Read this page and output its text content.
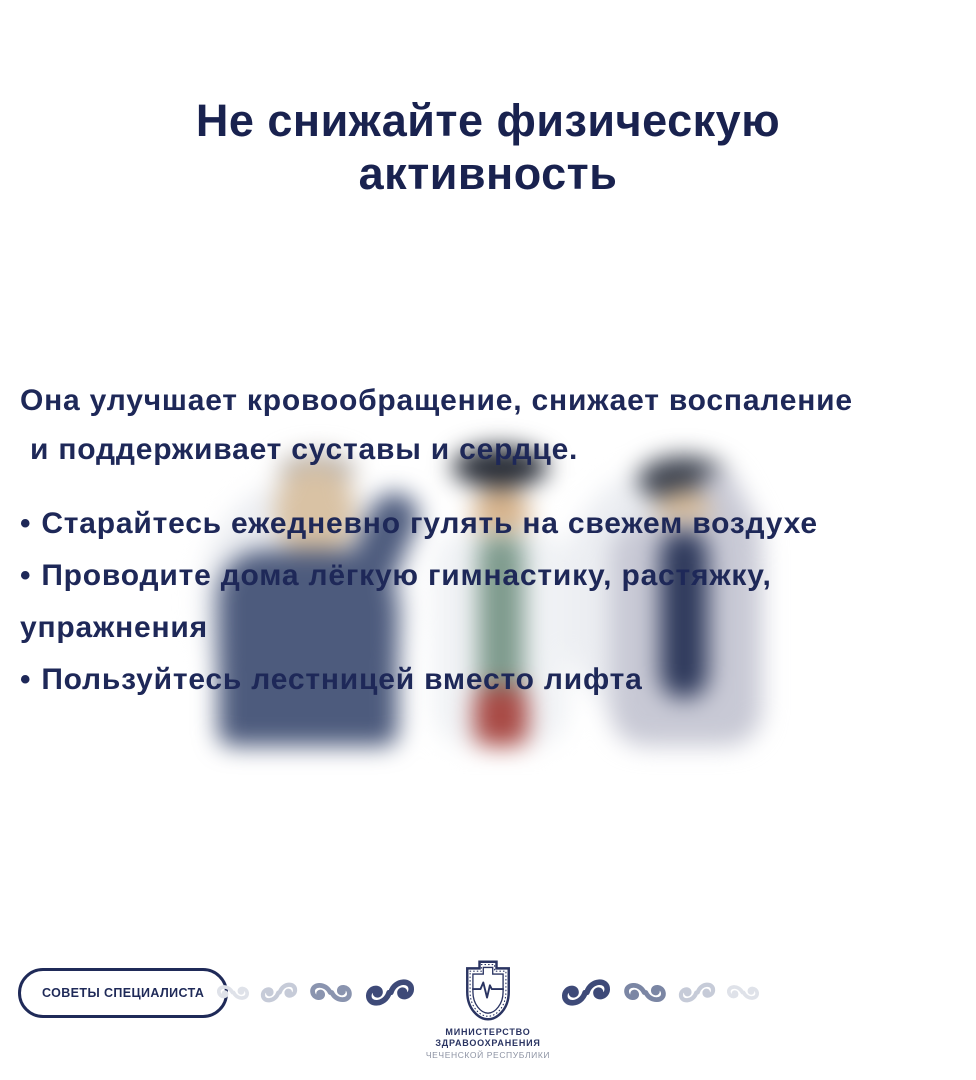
Не снижайте физическую
активность

Она улучшает кровообращение, снижает воспаление
и поддерживает суставы и сердце.

• Старайтесь ежедневно гулять на свежем воздухе
• Проводите дома лёгкую гимнастику, растяжку, упражнения
• Пользуйтесь лестницей вместо лифта
СОВЕТЫ СПЕЦИАЛИСТА
МИНИСТЕРСТВО
ЗДРАВООХРАНЕНИЯ
ЧЕЧЕНСКОЙ РЕСПУБЛИКИ
